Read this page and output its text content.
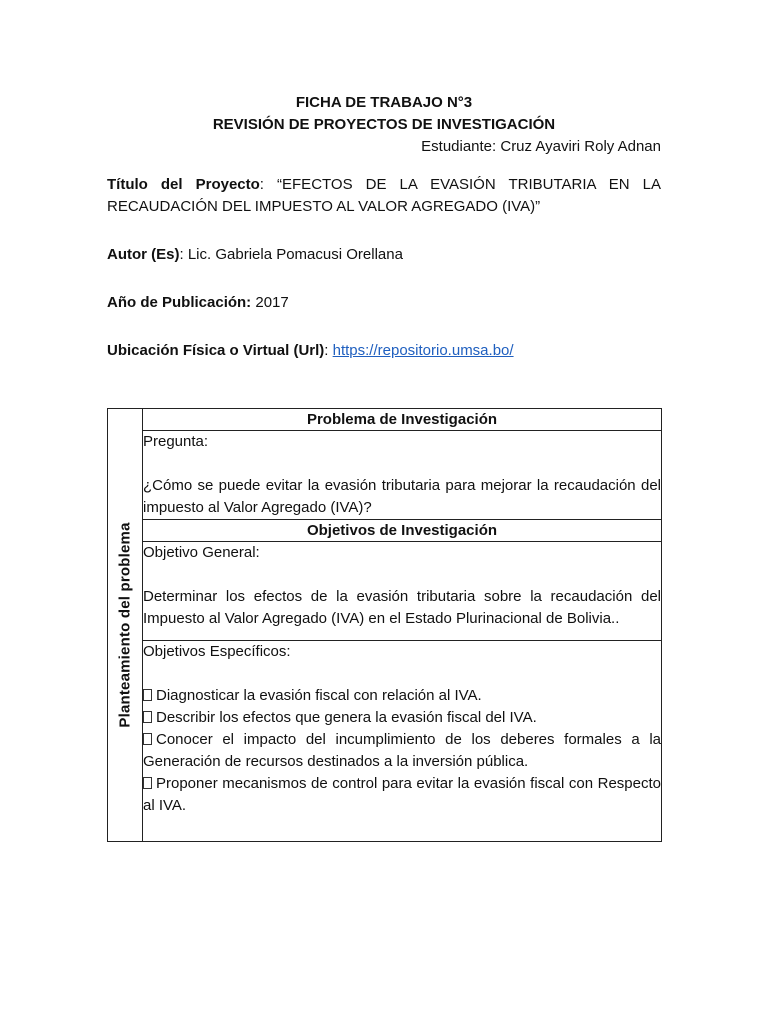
FICHA DE TRABAJO N°3
REVISIÓN DE PROYECTOS DE INVESTIGACIÓN
Estudiante: Cruz Ayaviri Roly Adnan
Título del Proyecto: “EFECTOS DE LA EVASIÓN TRIBUTARIA EN LA RECAUDACIÓN DEL IMPUESTO AL VALOR AGREGADO (IVA)”
Autor (Es): Lic. Gabriela Pomacusi Orellana
Año de Publicación: 2017
Ubicación Física o Virtual (Url): https://repositorio.umsa.bo/
Planteamiento del problema
	Problema de Investigación

Pregunta:
¿Cómo se puede evitar la evasión tributaria para mejorar la recaudación del impuesto al Valor Agregado (IVA)?

Objetivos de Investigación

Objetivo General:
Determinar los efectos de la evasión tributaria sobre la recaudación del Impuesto al Valor Agregado (IVA) en el Estado Plurinacional de Bolivia..

Objetivos Específicos:
Diagnosticar la evasión fiscal con relación al IVA.
Describir los efectos que genera la evasión fiscal del IVA.
Conocer el impacto del incumplimiento de los deberes formales a la Generación de recursos destinados a la inversión pública.
Proponer mecanismos de control para evitar la evasión fiscal con Respecto al IVA.
